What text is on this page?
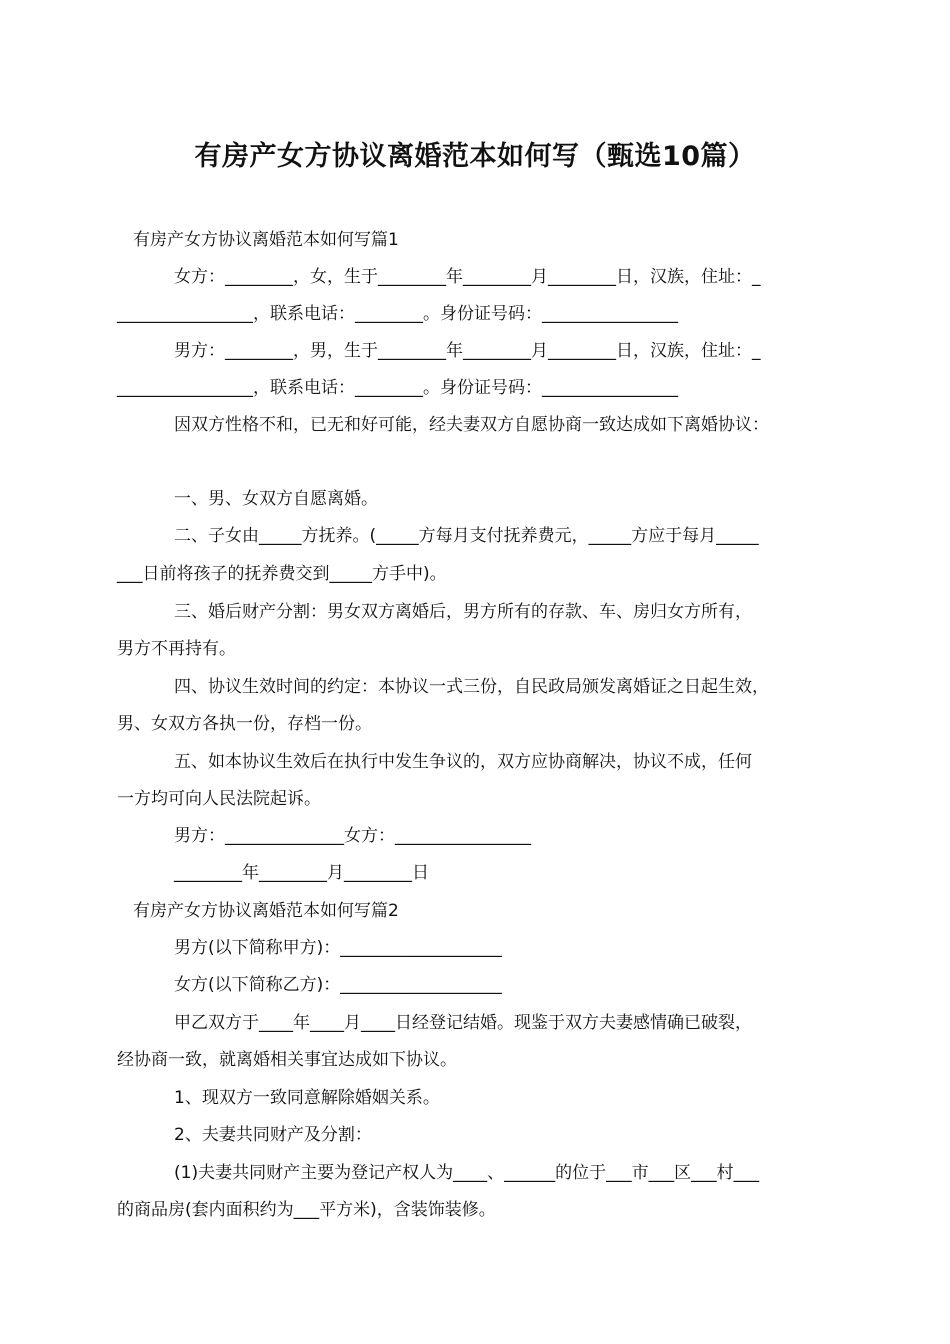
有房产女方协议离婚范本如何写（甄选10篇）
有房产女方协议离婚范本如何写篇1
女方：________，女，生于________年________月________日，汉族，住址：_
________________，联系电话：________。身份证号码：________________
男方：________，男，生于________年________月________日，汉族，住址：_
________________，联系电话：________。身份证号码：________________
因双方性格不和，已无和好可能，经夫妻双方自愿协商一致达成如下离婚协议：
一、男、女双方自愿离婚。
二、子女由_____方抚养。(_____方每月支付抚养费元，_____方应于每月_____
___日前将孩子的抚养费交到_____方手中)。
三、婚后财产分割：男女双方离婚后，男方所有的存款、车、房归女方所有，
男方不再持有。
四、协议生效时间的约定：本协议一式三份，自民政局颁发离婚证之日起生效，
男、女双方各执一份，存档一份。
五、如本协议生效后在执行中发生争议的，双方应协商解决，协议不成，任何
一方均可向人民法院起诉。
男方：______________女方：________________
________年________月________日
有房产女方协议离婚范本如何写篇2
男方(以下简称甲方)：___________________
女方(以下简称乙方)：___________________
甲乙双方于____年____月____日经登记结婚。现鉴于双方夫妻感情确已破裂，
经协商一致，就离婚相关事宜达成如下协议。
1、现双方一致同意解除婚姻关系。
2、夫妻共同财产及分割：
(1)夫妻共同财产主要为登记产权人为____、______的位于___市___区___村___
的商品房(套内面积约为___平方米)，含装饰装修。
